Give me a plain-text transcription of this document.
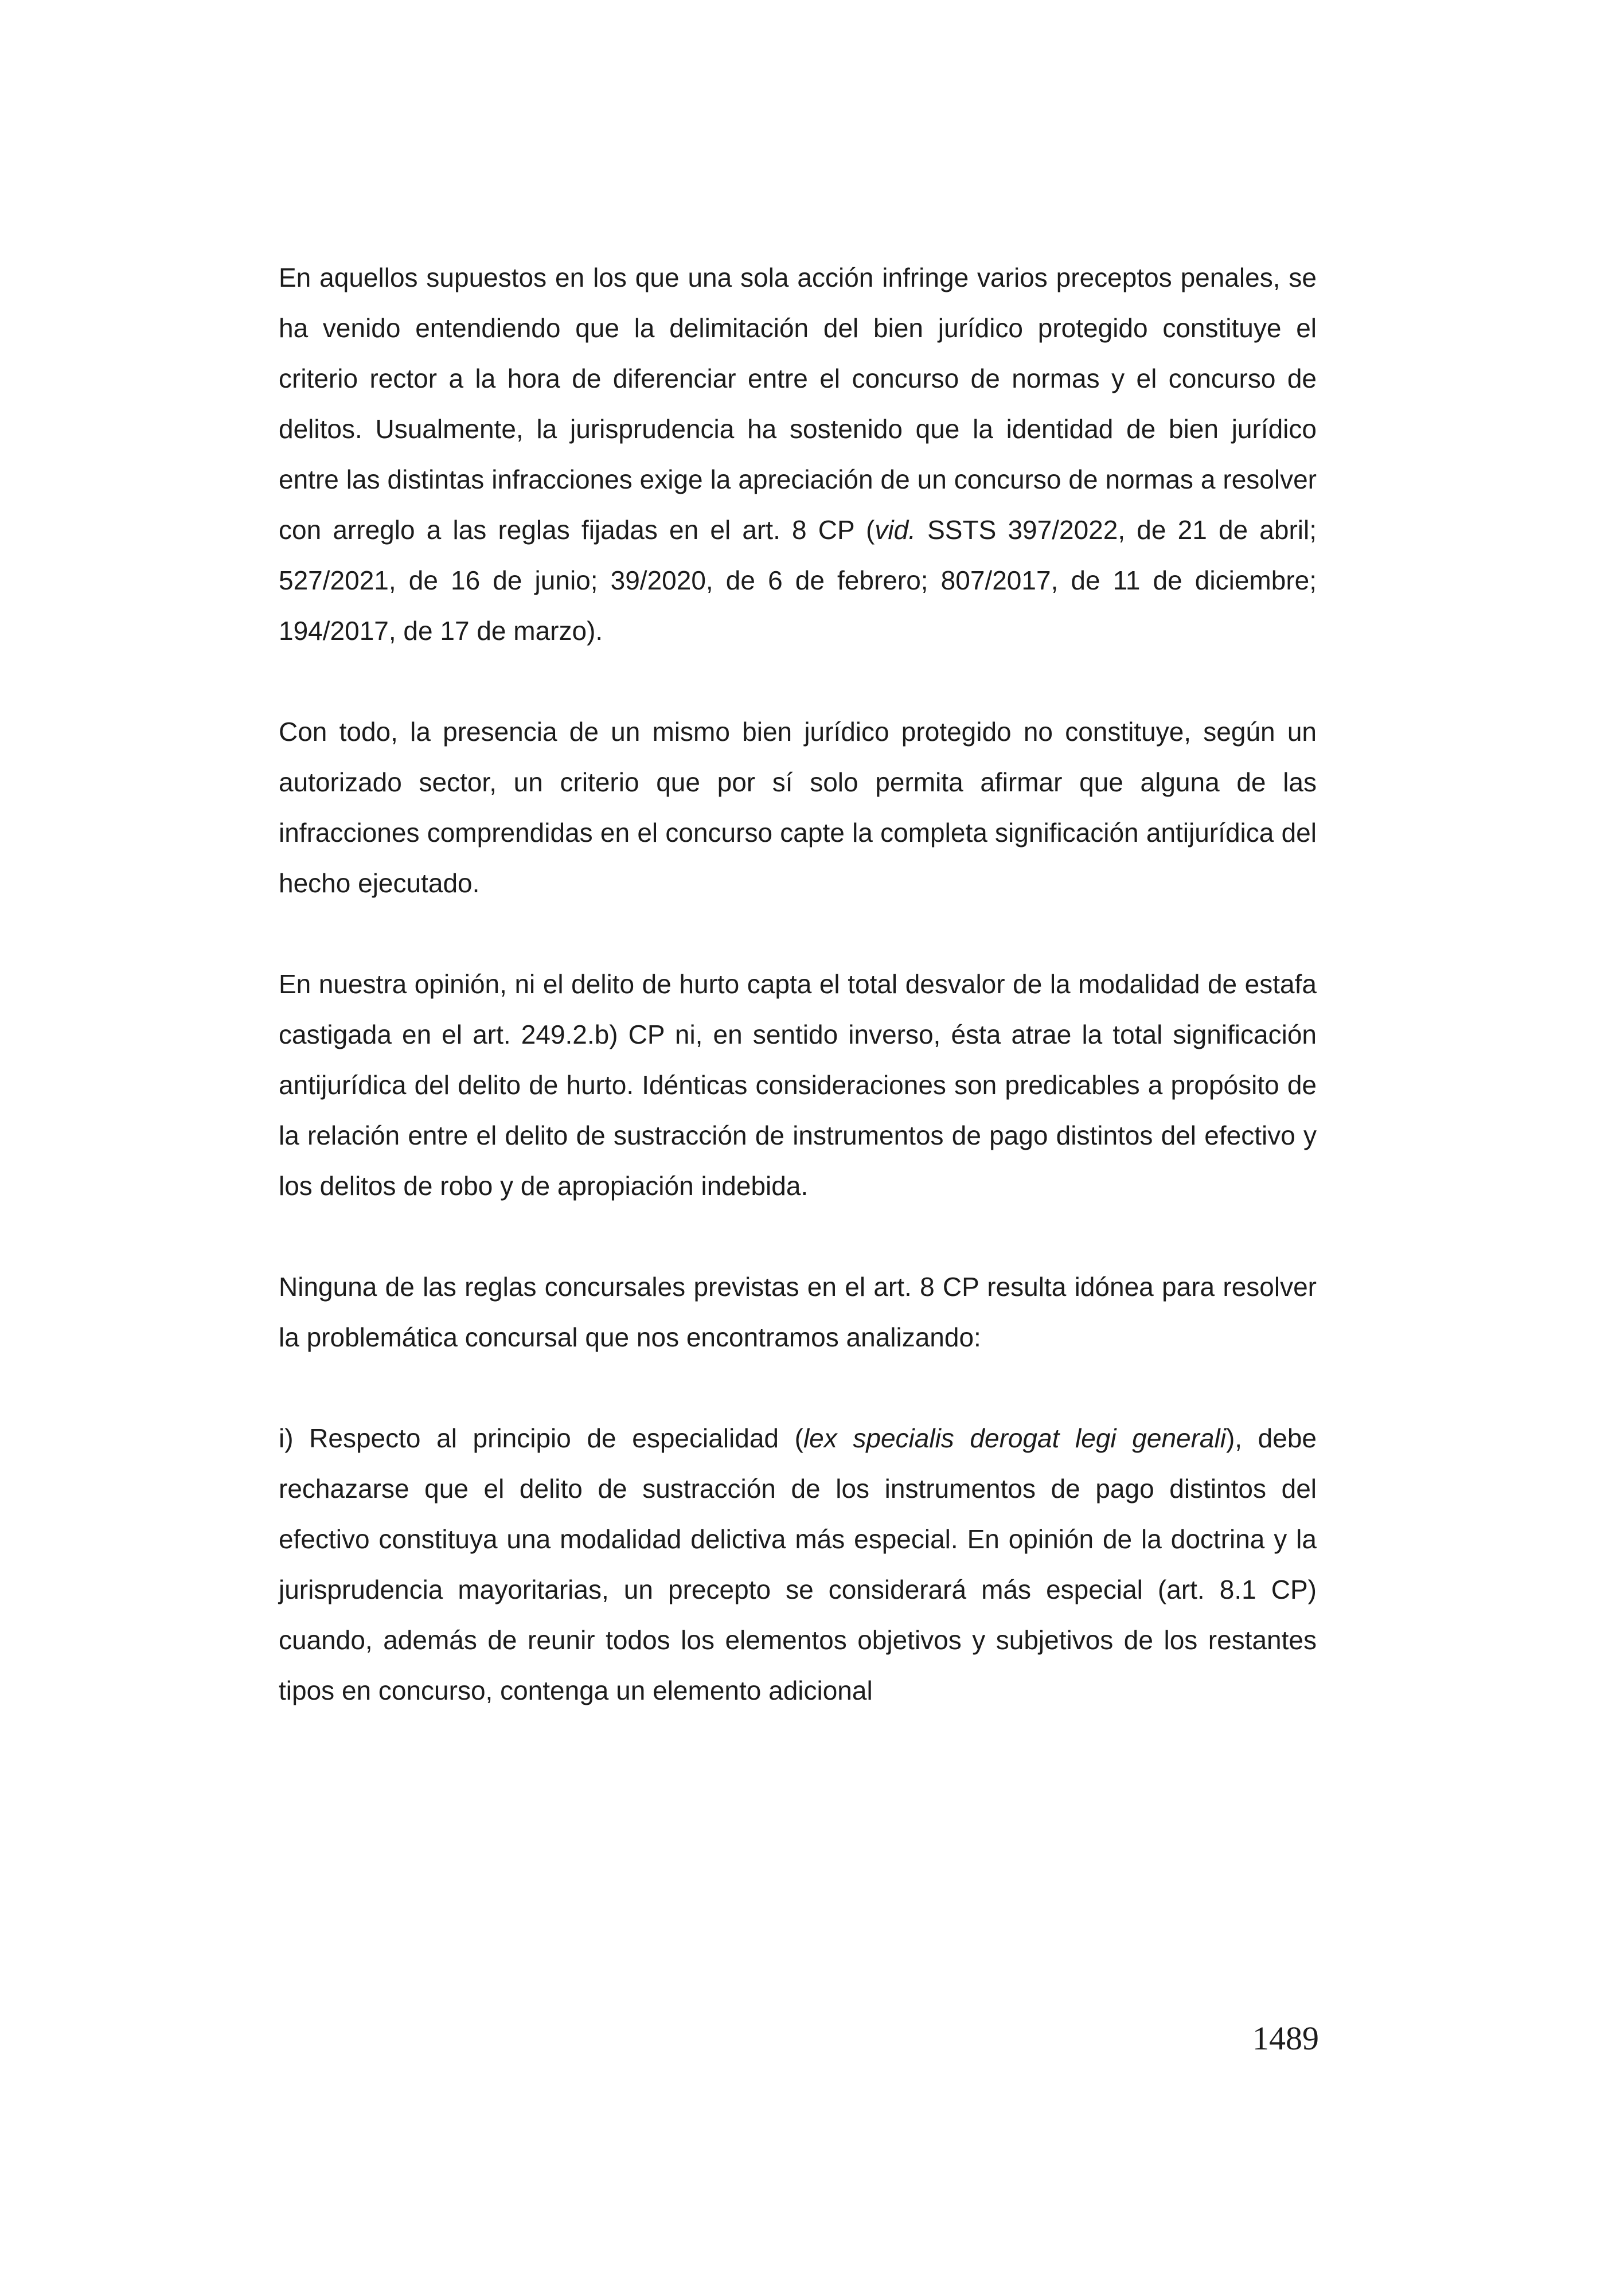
En aquellos supuestos en los que una sola acción infringe varios preceptos penales, se ha venido entendiendo que la delimitación del bien jurídico protegido constituye el criterio rector a la hora de diferenciar entre el concurso de normas y el concurso de delitos. Usualmente, la jurisprudencia ha sostenido que la identidad de bien jurídico entre las distintas infracciones exige la apreciación de un concurso de normas a resolver con arreglo a las reglas fijadas en el art. 8 CP (vid. SSTS 397/2022, de 21 de abril; 527/2021, de 16 de junio; 39/2020, de 6 de febrero; 807/2017, de 11 de diciembre; 194/2017, de 17 de marzo).

Con todo, la presencia de un mismo bien jurídico protegido no constituye, según un autorizado sector, un criterio que por sí solo permita afirmar que alguna de las infracciones comprendidas en el concurso capte la completa significación antijurídica del hecho ejecutado.

En nuestra opinión, ni el delito de hurto capta el total desvalor de la modalidad de estafa castigada en el art. 249.2.b) CP ni, en sentido inverso, ésta atrae la total significación antijurídica del delito de hurto. Idénticas consideraciones son predicables a propósito de la relación entre el delito de sustracción de instrumentos de pago distintos del efectivo y los delitos de robo y de apropiación indebida.

Ninguna de las reglas concursales previstas en el art. 8 CP resulta idónea para resolver la problemática concursal que nos encontramos analizando:

i) Respecto al principio de especialidad (lex specialis derogat legi generali), debe rechazarse que el delito de sustracción de los instrumentos de pago distintos del efectivo constituya una modalidad delictiva más especial. En opinión de la doctrina y la jurisprudencia mayoritarias, un precepto se considerará más especial (art. 8.1 CP) cuando, además de reunir todos los elementos objetivos y subjetivos de los restantes tipos en concurso, contenga un elemento adicional

1489
